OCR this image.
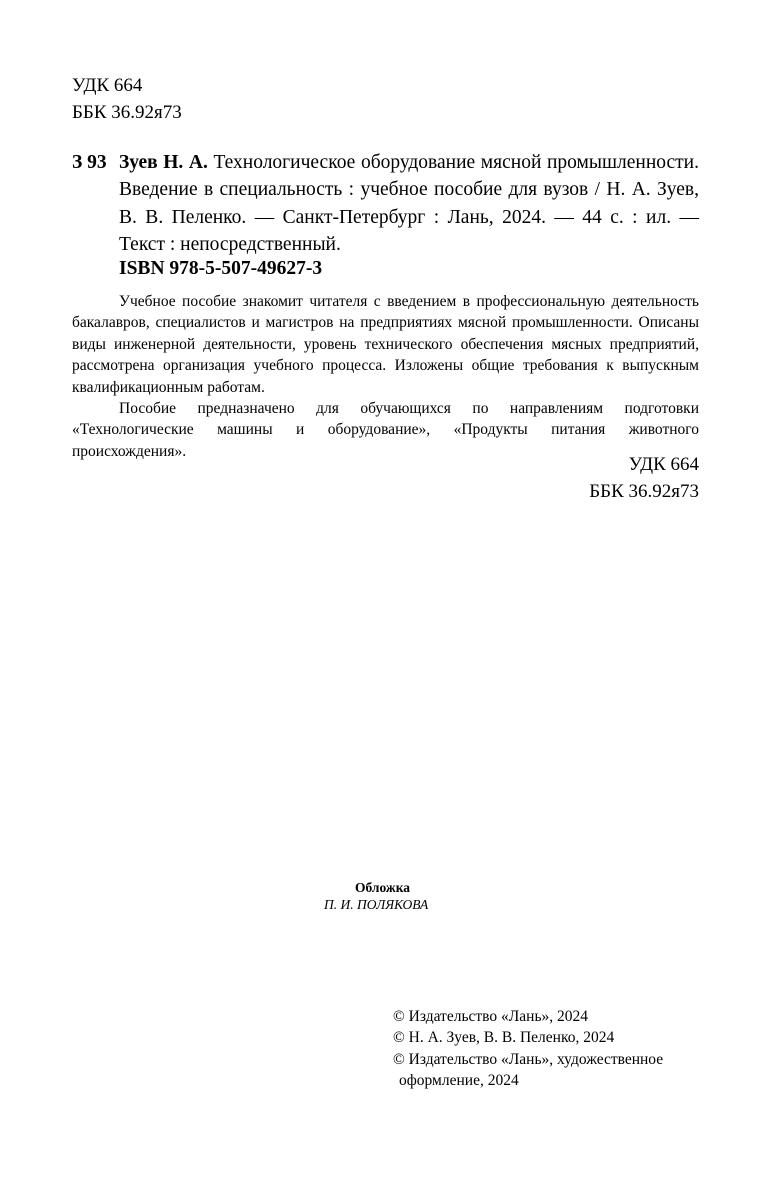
УДК 664
ББК 36.92я73
З 93 Зуев Н. А. Технологическое оборудование мясной промышленности. Введение в специальность : учебное пособие для вузов / Н. А. Зуев, В. В. Пеленко. — Санкт-Петербург : Лань, 2024. — 44 с. : ил. — Текст : непосредственный.
ISBN 978-5-507-49627-3

Учебное пособие знакомит читателя с введением в профессиональную деятельность бакалавров, специалистов и магистров на предприятиях мясной промышленности. Описаны виды инженерной деятельности, уровень технического обеспечения мясных предприятий, рассмотрена организация учебного процесса. Изложены общие требования к выпускным квалификационным работам.

Пособие предназначено для обучающихся по направлениям подготовки «Технологические машины и оборудование», «Продукты питания животного происхождения».

УДК 664
ББК 36.92я73
Обложка
П. И. ПОЛЯКОВА
© Издательство «Лань», 2024
© Н. А. Зуев, В. В. Пеленко, 2024
© Издательство «Лань», художественное
оформление, 2024
